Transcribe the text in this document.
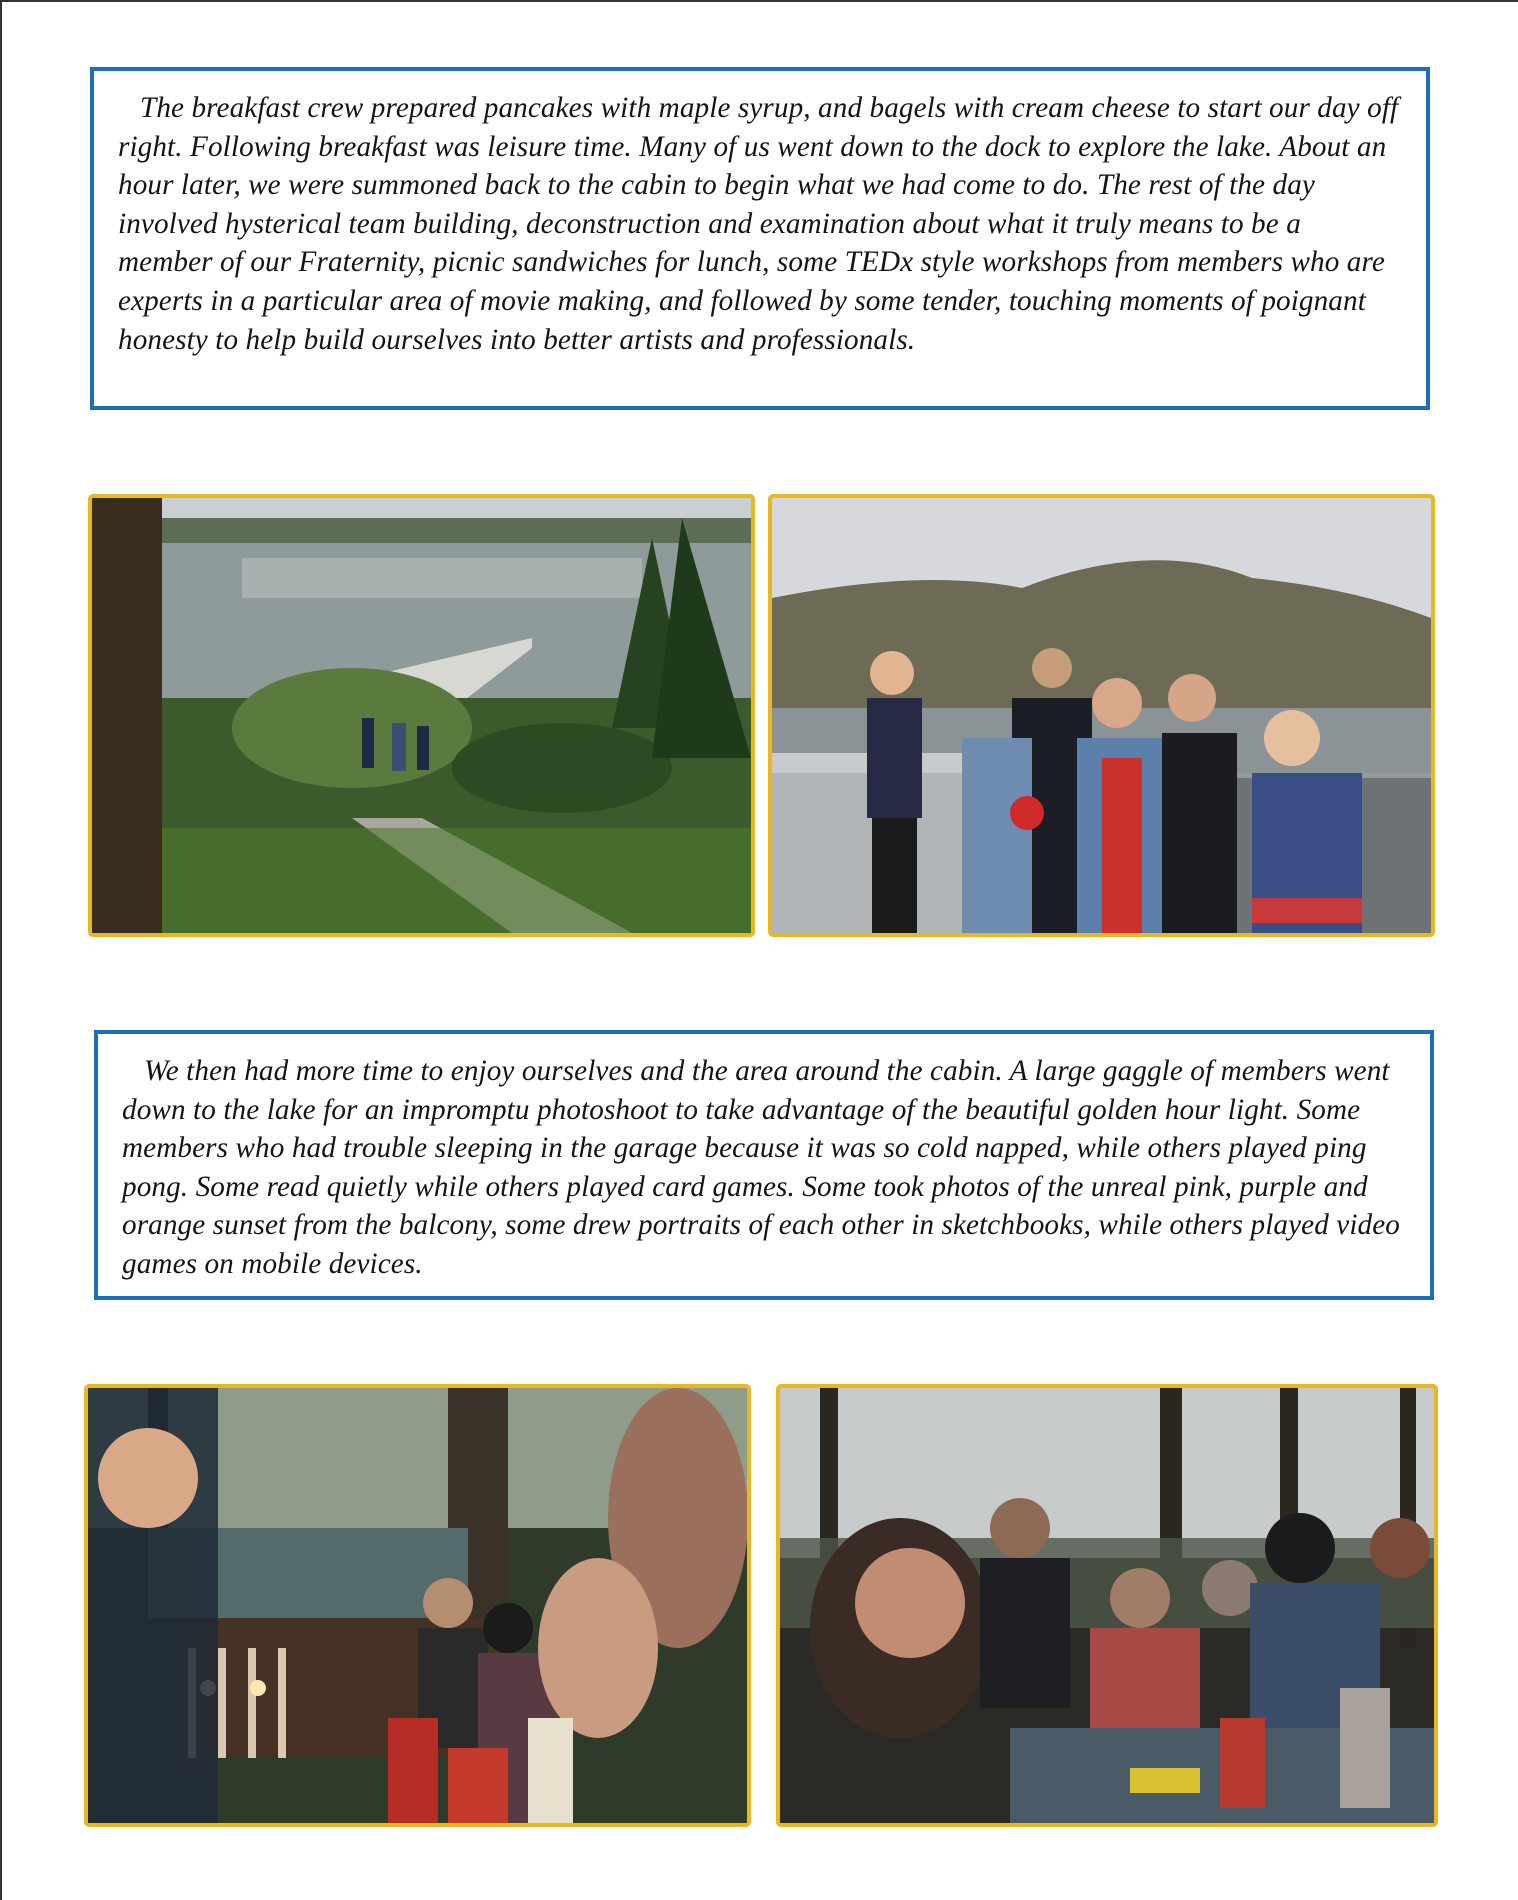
The breakfast crew prepared pancakes with maple syrup, and bagels with cream cheese to start our day off right. Following breakfast was leisure time. Many of us went down to the dock to explore the lake. About an hour later, we were summoned back to the cabin to begin what we had come to do. The rest of the day involved hysterical team building, deconstruction and examination about what it truly means to be a member of our Fraternity, picnic sandwiches for lunch, some TEDx style workshops from members who are experts in a particular area of movie making, and followed by some tender, touching moments of poignant honesty to help build ourselves into better artists and professionals.

We then had more time to enjoy ourselves and the area around the cabin. A large gaggle of members went down to the lake for an impromptu photoshoot to take advantage of the beautiful golden hour light. Some members who had trouble sleeping in the garage because it was so cold napped, while others played ping pong. Some read quietly while others played card games. Some took photos of the unreal pink, purple and orange sunset from the balcony, some drew portraits of each other in sketchbooks, while others played video games on mobile devices.
